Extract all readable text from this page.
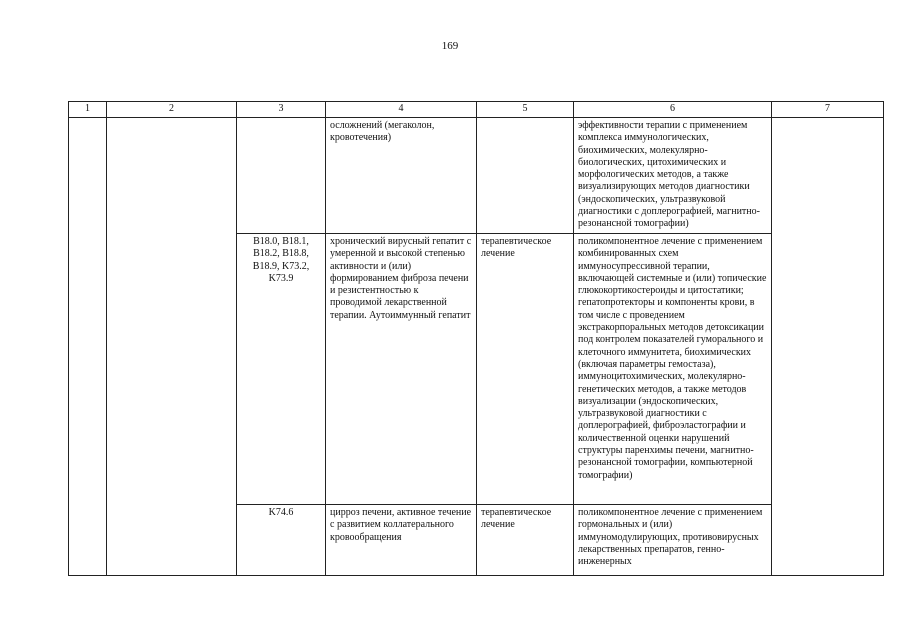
169
1	2	3	4	5	6	7
			осложнений (мегаколон, кровотечения)		эффективности терапии с применением комплекса иммунологических, биохимических, молекулярно-биологических, цитохимических и морфологических методов, а также визуализирующих методов диагностики (эндоскопических, ультразвуковой диагностики с доплерографией, магнитно-резонансной томографии)	
		B18.0, B18.1, B18.2, B18.8, B18.9, K73.2, K73.9	хронический вирусный гепатит с умеренной и высокой степенью активности и (или) формированием фиброза печени и резистентностью к проводимой лекарственной терапии. Аутоиммунный гепатит	терапевтическое лечение	поликомпонентное лечение с применением комбинированных схем иммуносупрессивной терапии, включающей системные и (или) топические глюкокортикостероиды и цитостатики; гепатопротекторы и компоненты крови, в том числе с проведением экстракорпоральных методов детоксикации под контролем показателей гуморального и клеточного иммунитета, биохимических (включая параметры гемостаза), иммуноцитохимических, молекулярно-генетических методов, а также методов визуализации (эндоскопических, ультразвуковой диагностики с доплерографией, фиброэластографии и количественной оценки нарушений структуры паренхимы печени, магнитно-резонансной томографии, компьютерной томографии)	
		K74.6	цирроз печени, активное течение с развитием коллатерального кровообращения	терапевтическое лечение	поликомпонентное лечение с применением гормональных и (или) иммуномодулирующих, противовирусных лекарственных препаратов, генно-инженерных	
